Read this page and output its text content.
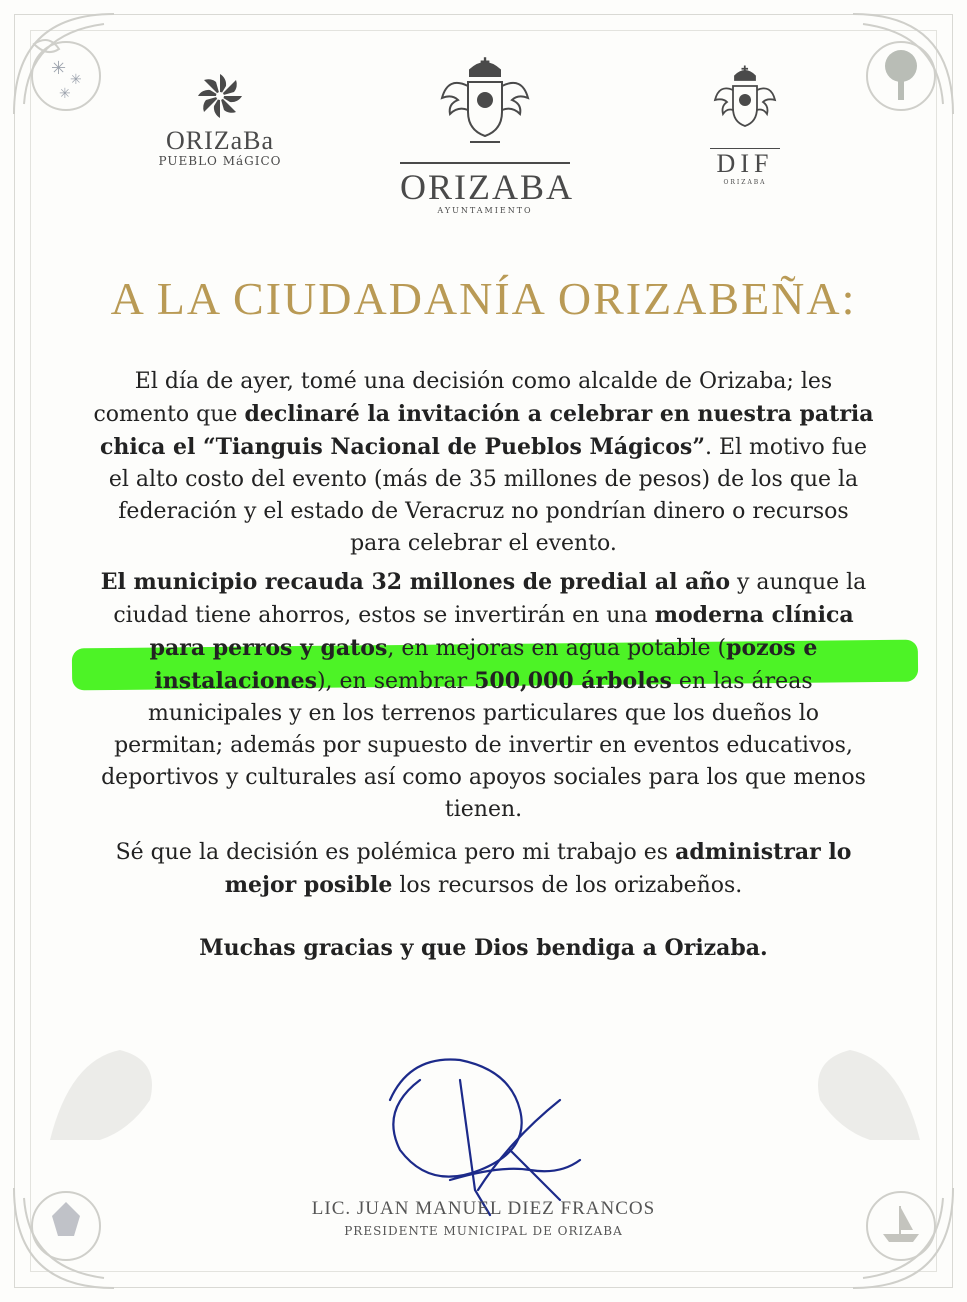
✳
✳
✳
ORIZaBa
PUEBLO MáGICO
✚
ORIZABA
AYUNTAMIENTO
✚
DIF
ORIZABA
A LA CIUDADANÍA ORIZABEÑA:

El día de ayer, tomé una decisión como alcalde de Orizaba; les comento que declinaré la invitación a celebrar en nuestra patria chica el “Tianguis Nacional de Pueblos Mágicos”. El motivo fue el alto costo del evento (más de 35 millones de pesos) de los que la federación y el estado de Veracruz no pondrían dinero o recursos para celebrar el evento.

El municipio recauda 32 millones de predial al año y aunque la ciudad tiene ahorros, estos se invertirán en una moderna clínica para perros y gatos, en mejoras en agua potable (pozos e instalaciones), en sembrar 500,000 árboles en las áreas municipales y en los terrenos particulares que los dueños lo permitan; además por supuesto de invertir en eventos educativos, deportivos y culturales así como apoyos sociales para los que menos tienen.

Sé que la decisión es polémica pero mi trabajo es administrar lo mejor posible los recursos de los orizabeños.

Muchas gracias y que Dios bendiga a Orizaba.

LIC. JUAN MANUEL DIEZ FRANCOS

PRESIDENTE MUNICIPAL DE ORIZABA
